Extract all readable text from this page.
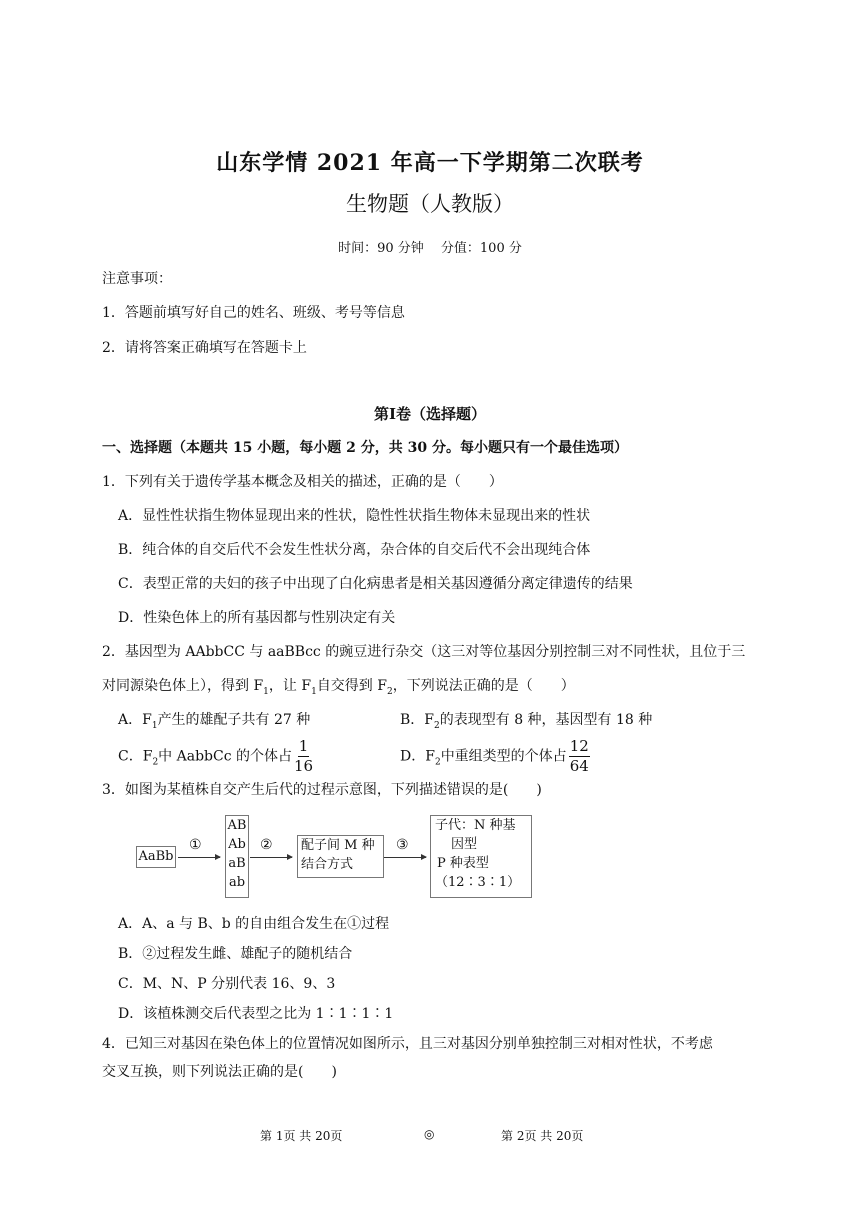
山东学情 2021 年高一下学期第二次联考
生物题（人教版）
时间：90 分钟　 分值：100 分
注意事项：
1．答题前填写好自己的姓名、班级、考号等信息
2．请将答案正确填写在答题卡上
第Ⅰ卷（选择题）
一、选择题（本题共 15 小题，每小题 2 分，共 30 分。每小题只有一个最佳选项）
1．下列有关于遗传学基本概念及相关的描述，正确的是（　　）
A．显性性状指生物体显现出来的性状，隐性性状指生物体未显现出来的性状
B．纯合体的自交后代不会发生性状分离，杂合体的自交后代不会出现纯合体
C．表型正常的夫妇的孩子中出现了白化病患者是相关基因遵循分离定律遗传的结果
D．性染色体上的所有基因都与性别决定有关
2．基因型为 AAbbCC 与 aaBBcc 的豌豆进行杂交（这三对等位基因分别控制三对不同性状，且位于三
对同源染色体上），得到 $F_1$，让 $F_1$自交得到 $F_2$，下列说法正确的是（　　）
A．$F_1$产生的雄配子共有 27 种	B．$F_2$的表现型有 8 种，基因型有 18 种
C．$F_2$中 AabbCc 的个体占 $\frac{1}{16}$	D．$F_2$中重组类型的个体占 $\frac{12}{64}$
3．如图为某植株自交产生后代的过程示意图，下列描述错误的是(　　)
AaBb
①
AB
Ab
aB
ab
② 配子间 M 种
结合方式
③
子代：N 种基
因型
P 种表型
（12∶3∶1）
A．A、a 与 B、b 的自由组合发生在①过程
B．②过程发生雌、雄配子的随机结合
C．M、N、P 分别代表 16、9、3
D．该植株测交后代表型之比为 1∶1∶1∶1
4．已知三对基因在染色体上的位置情况如图所示，且三对基因分别单独控制三对相对性状，不考虑
交叉互换，则下列说法正确的是(　　)
第 1页 共 20页	◎	第 2页 共 20页
